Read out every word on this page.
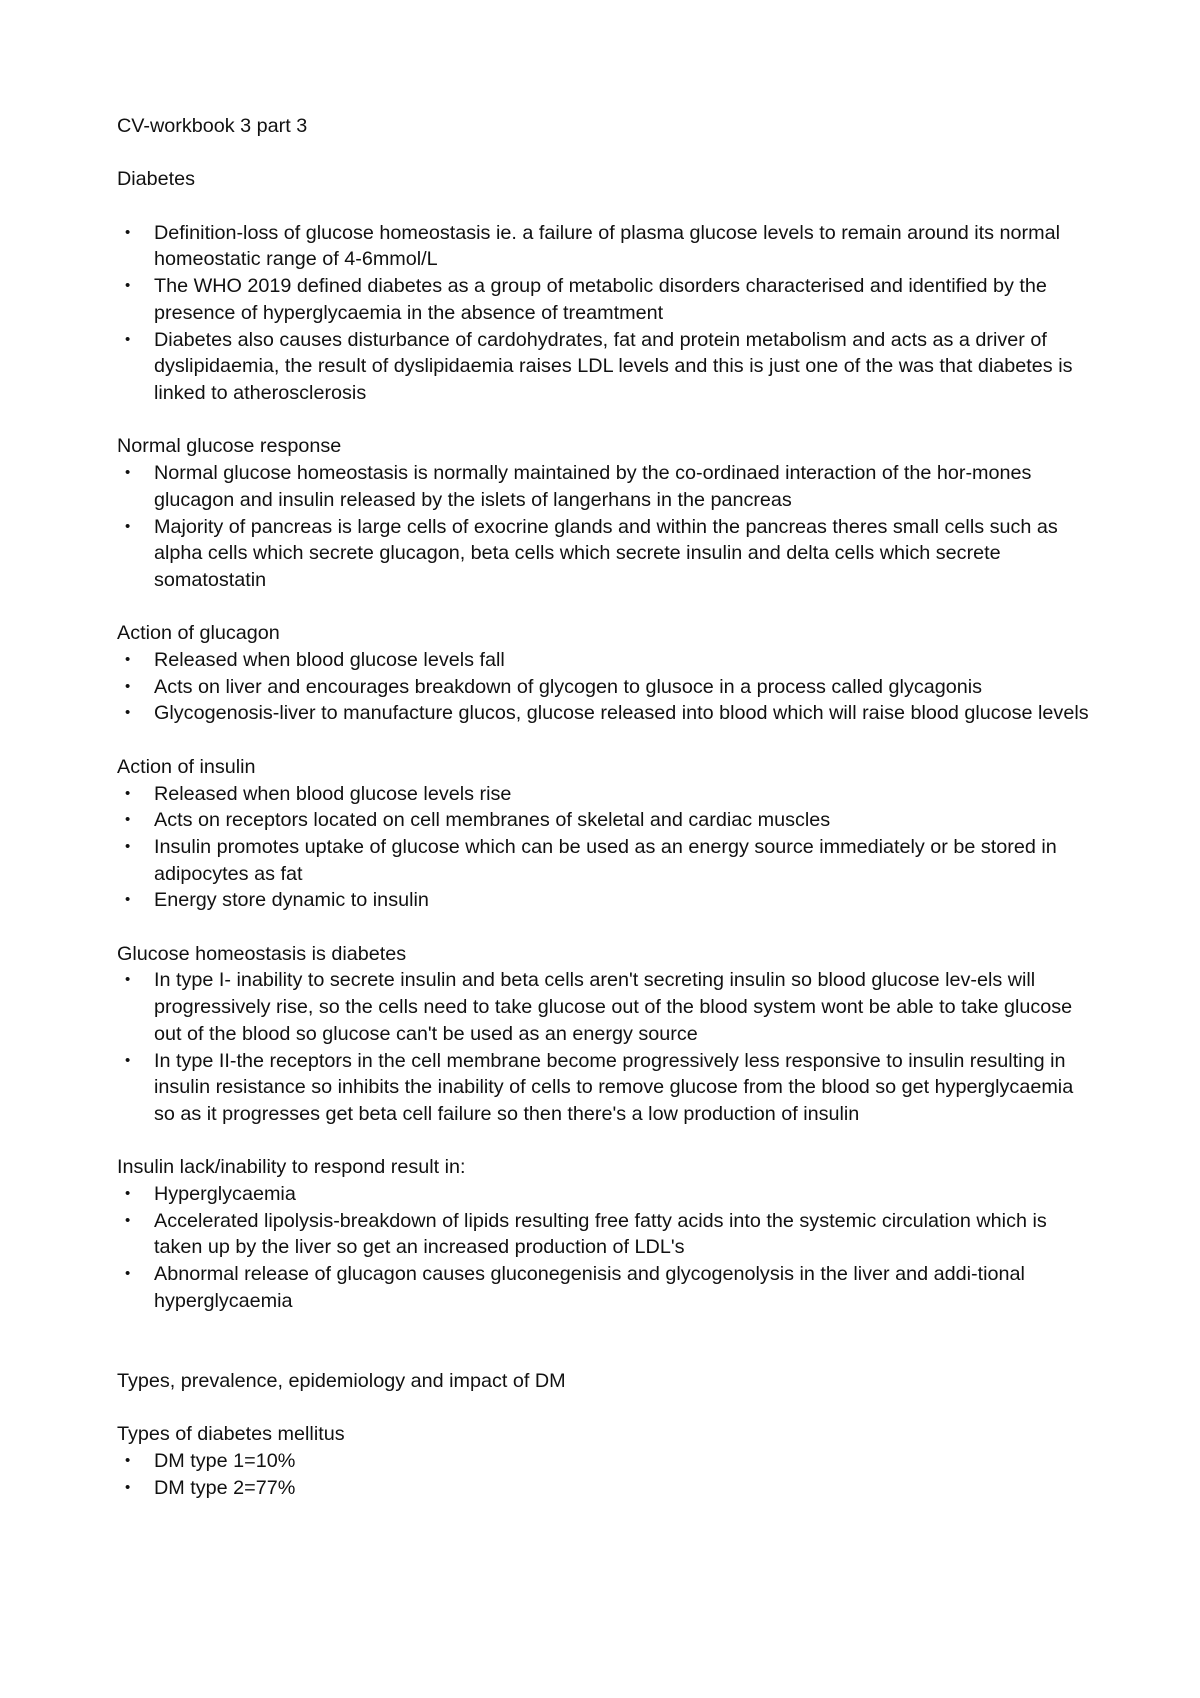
CV-workbook 3 part 3

Diabetes

• Definition-loss of glucose homeostasis ie. a failure of plasma glucose levels to remain around its normal homeostatic range of 4-6mmol/L
• The WHO 2019 defined diabetes as a group of metabolic disorders characterised and identified by the presence of hyperglycaemia in the absence of treamtment
• Diabetes also causes disturbance of cardohydrates, fat and protein metabolism and acts as a driver of dyslipidaemia, the result of dyslipidaemia raises LDL levels and this is just one of the was that diabetes is linked to atherosclerosis

Normal glucose response

• Normal glucose homeostasis is normally maintained by the co-ordinaed interaction of the hor-mones glucagon and insulin released by the islets of langerhans in the pancreas
• Majority of pancreas is large cells of exocrine glands and within the pancreas theres small cells such as alpha cells which secrete glucagon, beta cells which secrete insulin and delta cells which secrete somatostatin

Action of glucagon

• Released when blood glucose levels fall
• Acts on liver and encourages breakdown of glycogen to glusoce in a process called glycagonis
• Glycogenosis-liver to manufacture glucos, glucose released into blood which will raise blood glucose levels

Action of insulin

• Released when blood glucose levels rise
• Acts on receptors located on cell membranes of skeletal and cardiac muscles
• Insulin promotes uptake of glucose which can be used as an energy source immediately or be stored in adipocytes as fat
• Energy store dynamic to insulin

Glucose homeostasis is diabetes

• In type I- inability to secrete insulin and beta cells aren't secreting insulin so blood glucose lev-els will progressively rise, so the cells need to take glucose out of the blood system wont be able to take glucose out of the blood so glucose can't be used as an energy source
• In type II-the receptors in the cell membrane become progressively less responsive to insulin resulting in insulin resistance so inhibits the inability of cells to remove glucose from the blood so get hyperglycaemia so as it progresses get beta cell failure so then there's a low production of insulin

Insulin lack/inability to respond result in:

• Hyperglycaemia
• Accelerated lipolysis-breakdown of lipids resulting free fatty acids into the systemic circulation which is taken up by the liver so get an increased production of LDL's
• Abnormal release of glucagon causes gluconegenisis and glycogenolysis in the liver and addi-tional hyperglycaemia

Types, prevalence, epidemiology and impact of DM

Types of diabetes mellitus

• DM type 1=10%
• DM type 2=77%
